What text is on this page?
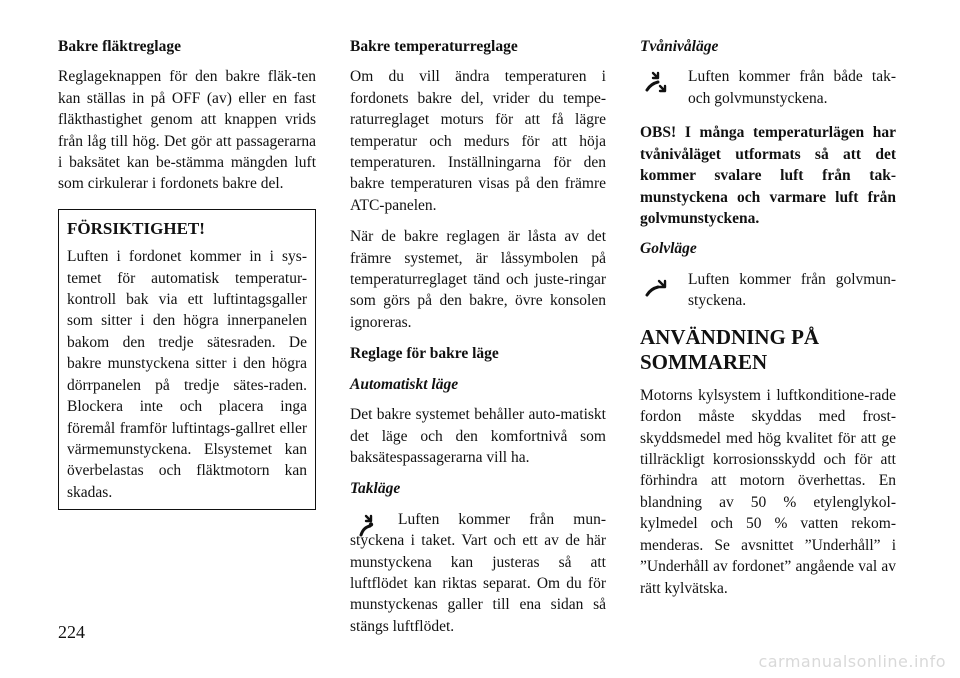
Bakre fläktreglage

Reglageknappen för den bakre fläk-ten kan ställas in på OFF (av) eller en fast fläkthastighet genom att knappen vrids från låg till hög. Det gör att passagerarna i baksätet kan be-stämma mängden luft som cirkulerar i fordonets bakre del.

FÖRSIKTIGHET!

Luften i fordonet kommer in i sys-temet för automatisk temperatur-kontroll bak via ett luftintagsgaller som sitter i den högra innerpanelen bakom den tredje sätesraden. De bakre munstyckena sitter i den högra dörrpanelen på tredje sätes-raden. Blockera inte och placera inga föremål framför luftintags-gallret eller värmemunstyckena. Elsystemet kan överbelastas och fläktmotorn kan skadas.

Bakre temperaturreglage

Om du vill ändra temperaturen i fordonets bakre del, vrider du tempe-raturreglaget moturs för att få lägre temperatur och medurs för att höja temperaturen. Inställningarna för den bakre temperaturen visas på den främre ATC-panelen.

När de bakre reglagen är låsta av det främre systemet, är låssymbolen på temperaturreglaget tänd och juste-ringar som görs på den bakre, övre konsolen ignoreras.

Reglage för bakre läge
Automatiskt läge

Det bakre systemet behåller auto-matiskt det läge och den komfortnivå som baksätespassagerarna vill ha.

Takläge

Luften kommer från mun-styckena i taket. Vart och ett av de här munstyckena kan justeras så att luftflödet kan riktas separat. Om du för munstyckenas galler till ena sidan så stängs luftflödet.

Tvånivåläge

Luften kommer från både tak- och golvmunstyckena.

OBS! I många temperaturlägen har tvånivåläget utformats så att det kommer svalare luft från tak-munstyckena och varmare luft från golvmunstyckena.
Golvläge

Luften kommer från golvmun-styckena.

ANVÄNDNING PÅ SOMMAREN

Motorns kylsystem i luftkonditione-rade fordon måste skyddas med frost-skyddsmedel med hög kvalitet för att ge tillräckligt korrosionsskydd och för att förhindra att motorn överhettas. En blandning av 50 % etylenglykol-kylmedel och 50 % vatten rekom-menderas. Se avsnittet ”Underhåll” i ”Underhåll av fordonet” angående val av rätt kylvätska.

224
carmanualsonline.info
